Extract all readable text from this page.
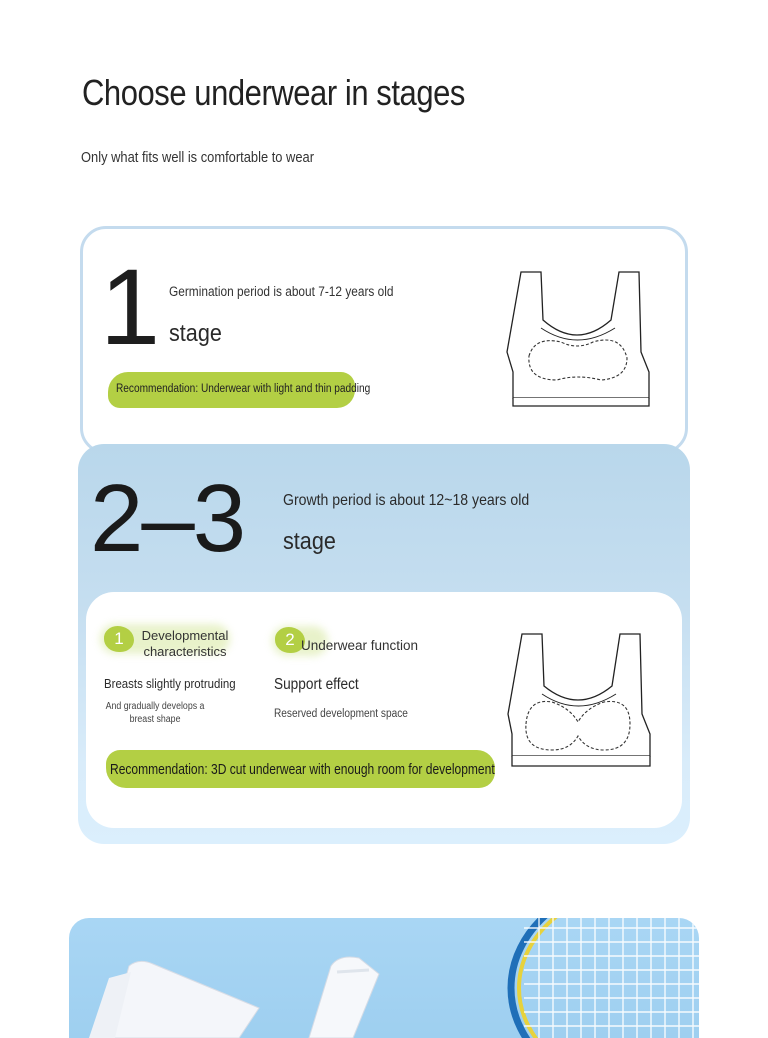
Choose underwear in stages
Only what fits well is comfortable to wear
1 Germination period is about 7-12 years old
stage
Recommendation: Underwear with light and thin padding
2–3 Growth period is about 12~18 years old
stage
1	Developmental characteristics
Breasts slightly protruding
And gradually develops a breast shape
2 Underwear function
Support effect
Reserved development space
Recommendation: 3D cut underwear with enough room for development
